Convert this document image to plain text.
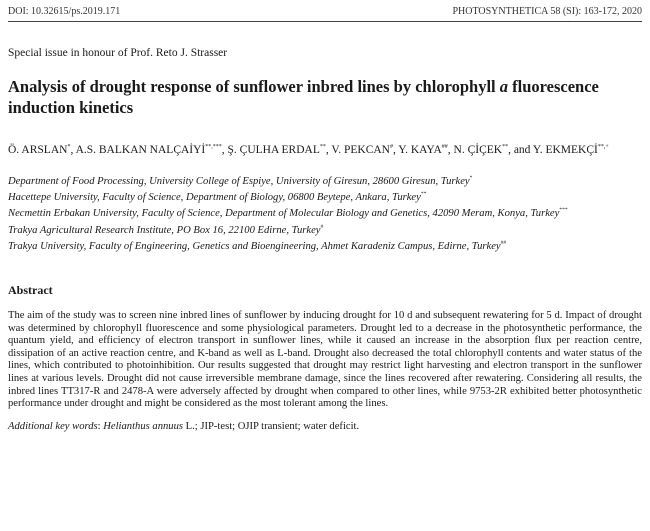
DOI: 10.32615/ps.2019.171	PHOTOSYNTHETICA 58 (SI): 163-172, 2020
Special issue in honour of Prof. Reto J. Strasser
Analysis of drought response of sunflower inbred lines by chlorophyll a fluorescence induction kinetics
Ö. ARSLAN*, A.S. BALKAN NALÇAİYİ**,***, Ş. ÇULHA ERDAL**, V. PEKCAN#, Y. KAYA##, N. ÇİÇEK**, and Y. EKMEKÇİ**,+
Department of Food Processing, University College of Espiye, University of Giresun, 28600 Giresun, Turkey*
Hacettepe University, Faculty of Science, Department of Biology, 06800 Beytepe, Ankara, Turkey**
Necmettin Erbakan University, Faculty of Science, Department of Molecular Biology and Genetics, 42090 Meram, Konya, Turkey***
Trakya Agricultural Research Institute, PO Box 16, 22100 Edirne, Turkey#
Trakya University, Faculty of Engineering, Genetics and Bioengineering, Ahmet Karadeniz Campus, Edirne, Turkey##
Abstract
The aim of the study was to screen nine inbred lines of sunflower by inducing drought for 10 d and subsequent rewatering for 5 d. Impact of drought was determined by chlorophyll fluorescence and some physiological parameters. Drought led to a decrease in the photosynthetic performance, the quantum yield, and efficiency of electron transport in sunflower lines, while it caused an increase in the absorption flux per reaction centre, dissipation of an active reaction centre, and K-band as well as L-band. Drought also decreased the total chlorophyll contents and water status of the lines, which contributed to photoinhibition. Our results suggested that drought may restrict light harvesting and electron transport in the sunflower lines at various levels. Drought did not cause irreversible membrane damage, since the lines recovered after rewatering. Considering all results, the inbred lines TT317-R and 2478-A were adversely affected by drought when compared to other lines, while 9753-2R exhibited better photosynthetic performance under drought and might be considered as the most tolerant among the lines.
Additional key words: Helianthus annuus L.; JIP-test; OJIP transient; water deficit.
